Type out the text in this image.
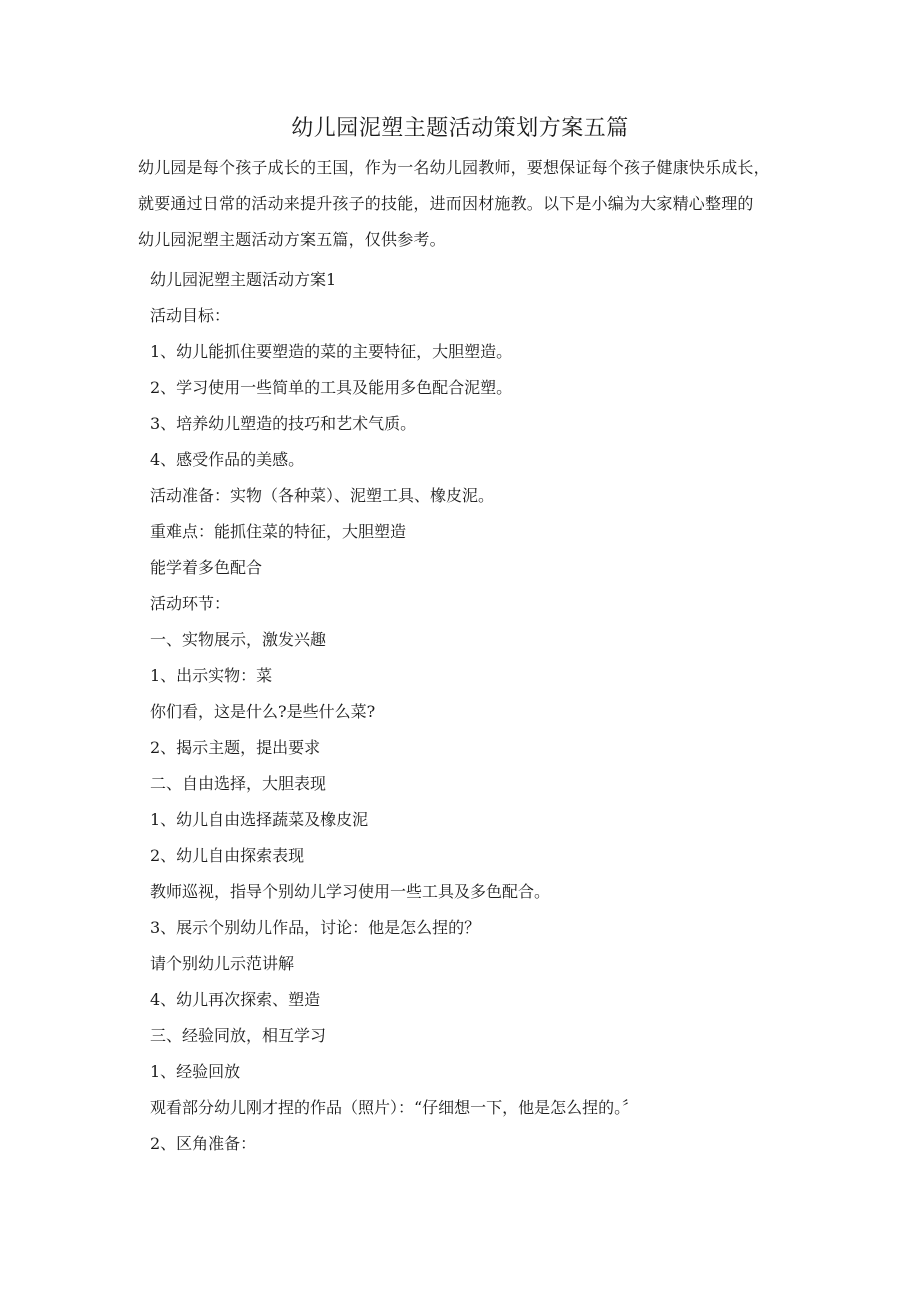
幼儿园泥塑主题活动策划方案五篇

幼儿园是每个孩子成长的王国，作为一名幼儿园教师，要想保证每个孩子健康快乐成长，

就要通过日常的活动来提升孩子的技能，进而因材施教。以下是小编为大家精心整理的

幼儿园泥塑主题活动方案五篇，仅供参考。

幼儿园泥塑主题活动方案1

活动目标：

1、幼儿能抓住要塑造的菜的主要特征，大胆塑造。

2、学习使用一些简单的工具及能用多色配合泥塑。

3、培养幼儿塑造的技巧和艺术气质。

4、感受作品的美感。

活动准备：实物（各种菜）、泥塑工具、橡皮泥。

重难点：能抓住菜的特征，大胆塑造

能学着多色配合

活动环节：

一、实物展示，激发兴趣

1、出示实物：菜

你们看，这是什么?是些什么菜?

2、揭示主题，提出要求

二、自由选择，大胆表现

1、幼儿自由选择蔬菜及橡皮泥

2、幼儿自由探索表现

教师巡视，指导个别幼儿学习使用一些工具及多色配合。

3、展示个别幼儿作品，讨论：他是怎么捏的？

请个别幼儿示范讲解

4、幼儿再次探索、塑造

三、经验同放，相互学习

1、经验回放

观看部分幼儿刚才捏的作品（照片）：“仔细想一下，他是怎么捏的。〞

2、区角准备：
